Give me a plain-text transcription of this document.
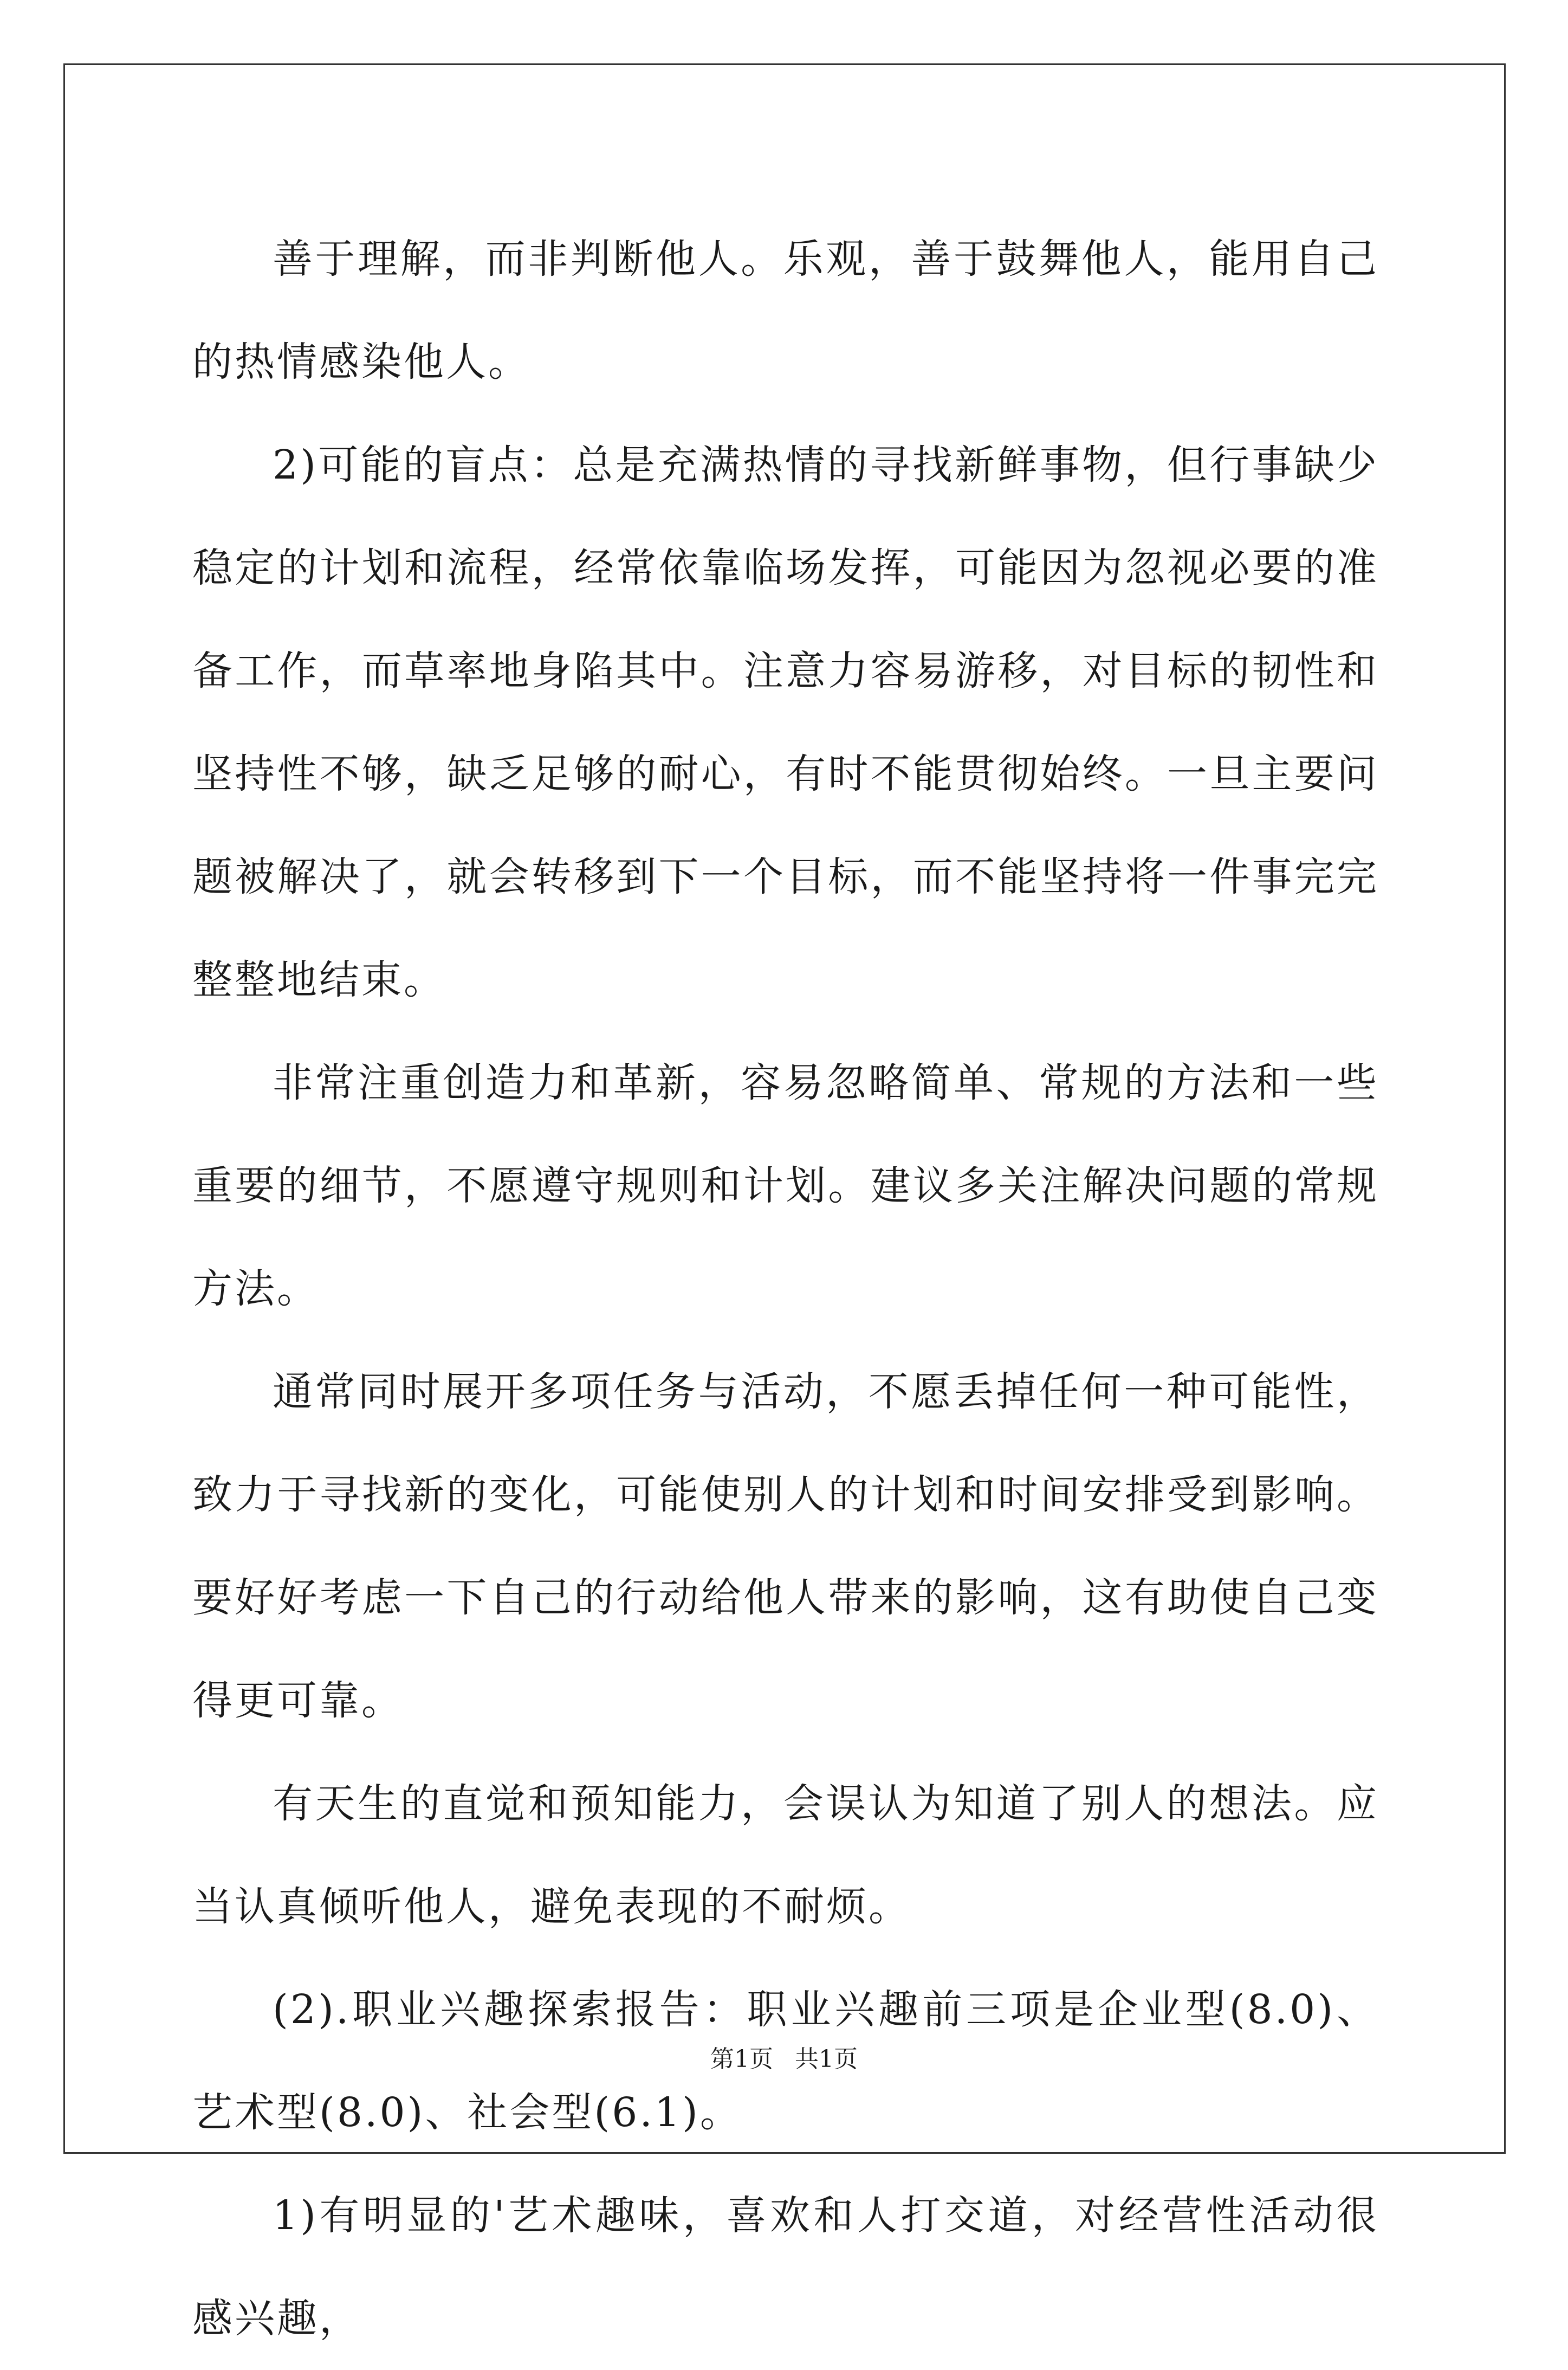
善于理解，而非判断他人。乐观，善于鼓舞他人，能用自己的热情感染他人。

2)可能的盲点：总是充满热情的寻找新鲜事物，但行事缺少稳定的计划和流程，经常依靠临场发挥，可能因为忽视必要的准备工作，而草率地身陷其中。注意力容易游移，对目标的韧性和坚持性不够，缺乏足够的耐心，有时不能贯彻始终。一旦主要问题被解决了，就会转移到下一个目标，而不能坚持将一件事完完整整地结束。

非常注重创造力和革新，容易忽略简单、常规的方法和一些重要的细节，不愿遵守规则和计划。建议多关注解决问题的常规方法。

通常同时展开多项任务与活动，不愿丢掉任何一种可能性，致力于寻找新的变化，可能使别人的计划和时间安排受到影响。要好好考虑一下自己的行动给他人带来的影响，这有助使自己变得更可靠。

有天生的直觉和预知能力，会误认为知道了别人的想法。应当认真倾听他人，避免表现的不耐烦。

(2).职业兴趣探索报告：职业兴趣前三项是企业型(8.0)、艺术型(8.0)、社会型(6.1)。

1)有明显的'艺术趣味，喜欢和人打交道，对经营性活动很感兴趣，

第1页 共1页
